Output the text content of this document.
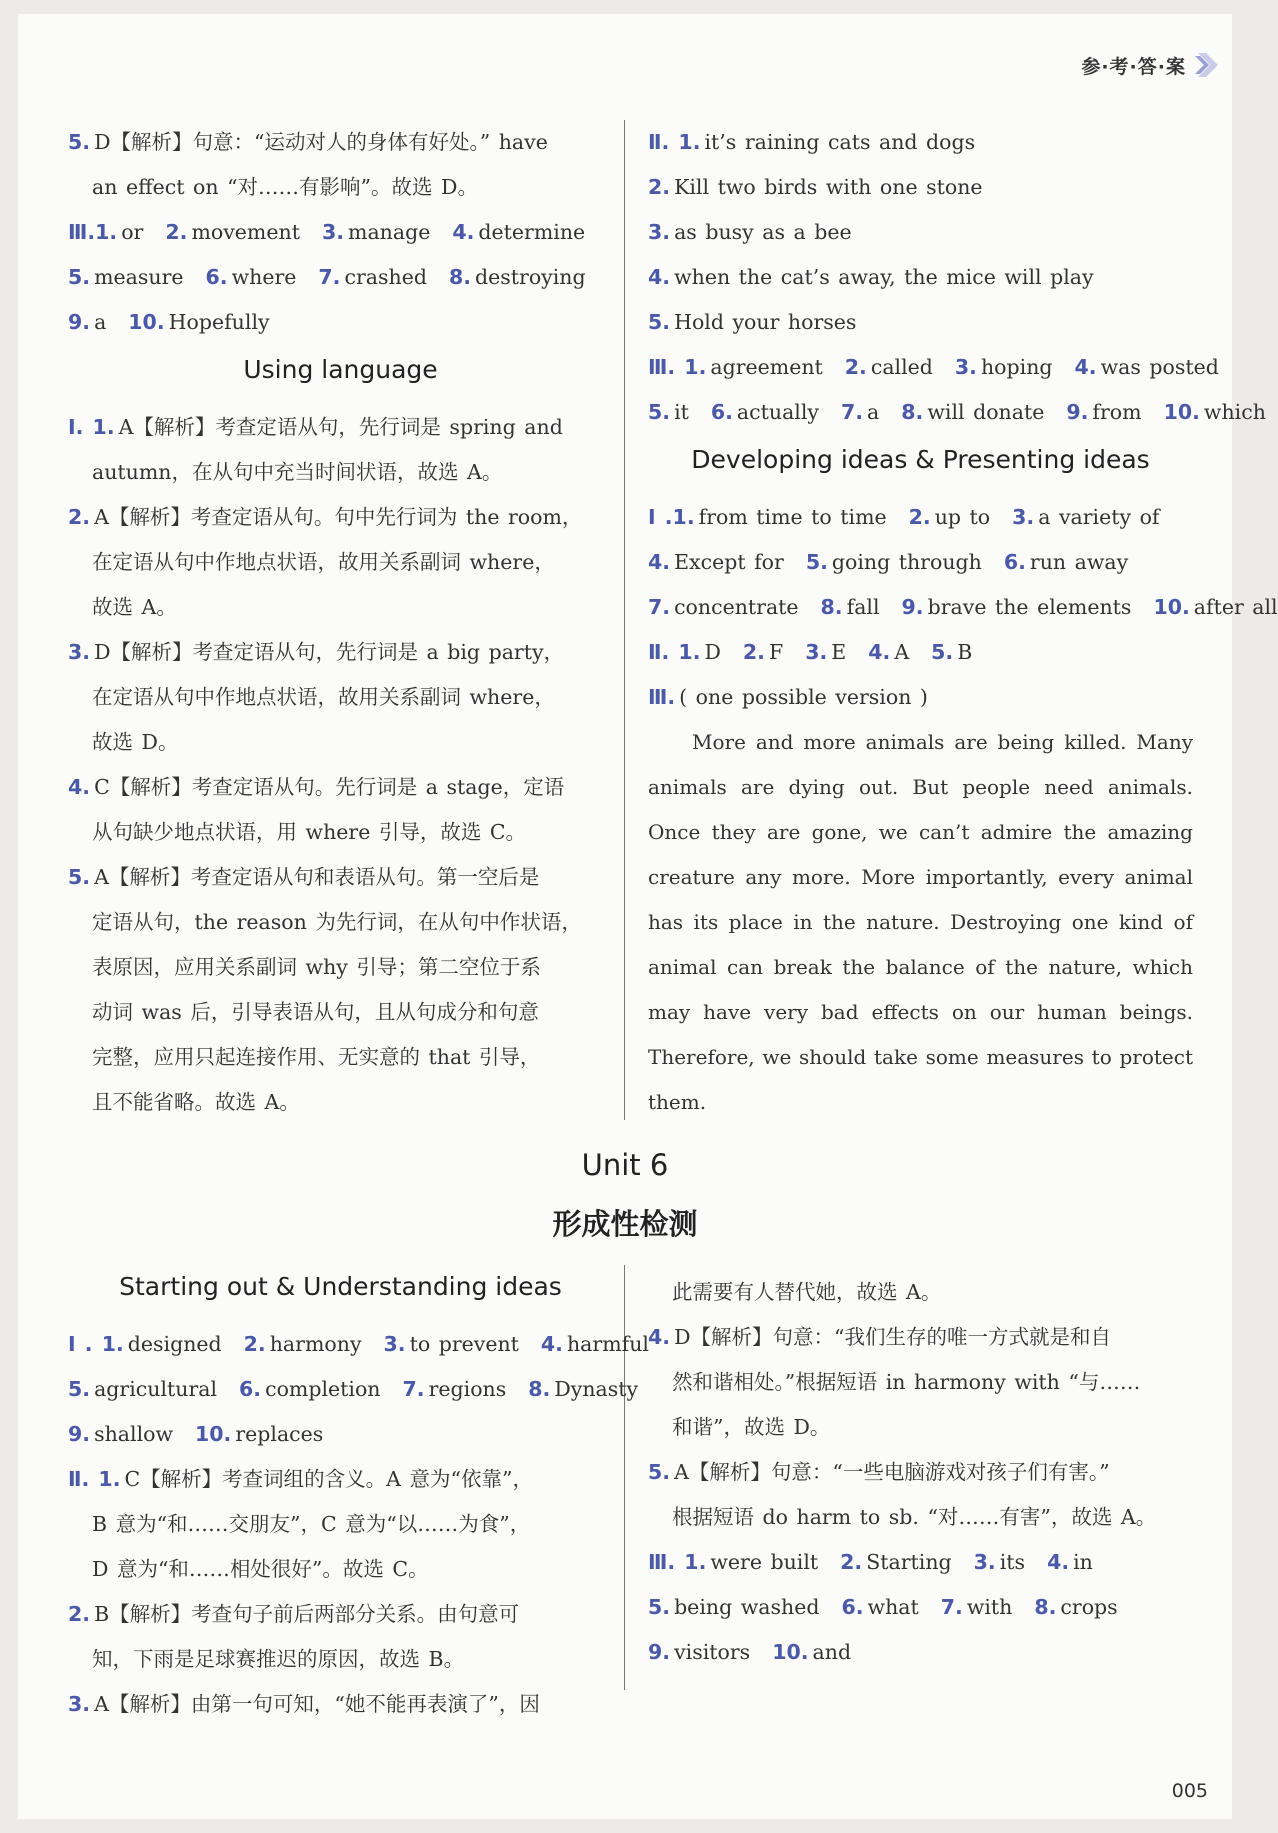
参·考·答·案
5. D【解析】句意：“运动对人的身体有好处。” have
an effect on “对……有影响”。故选 D。
Ⅲ.1. or 2. movement 3. manage 4. determine
5. measure 6. where 7. crashed 8. destroying
9. a 10. Hopefully
Using language
Ⅰ. 1. A【解析】考查定语从句，先行词是 spring and
autumn，在从句中充当时间状语，故选 A。
2. A【解析】考查定语从句。句中先行词为 the room，
在定语从句中作地点状语，故用关系副词 where，
故选 A。
3. D【解析】考查定语从句，先行词是 a big party，
在定语从句中作地点状语，故用关系副词 where，
故选 D。
4. C【解析】考查定语从句。先行词是 a stage，定语
从句缺少地点状语，用 where 引导，故选 C。
5. A【解析】考查定语从句和表语从句。第一空后是
定语从句，the reason 为先行词，在从句中作状语，
表原因，应用关系副词 why 引导；第二空位于系
动词 was 后，引导表语从句，且从句成分和句意
完整，应用只起连接作用、无实意的 that 引导，
且不能省略。故选 A。
Ⅱ. 1. it’s raining cats and dogs
2. Kill two birds with one stone
3. as busy as a bee
4. when the cat’s away, the mice will play
5. Hold your horses
Ⅲ. 1. agreement 2. called 3. hoping 4. was posted
5. it 6. actually 7. a 8. will donate 9. from 10. which
Developing ideas & Presenting ideas
Ⅰ .1. from time to time 2. up to 3. a variety of
4. Except for 5. going through 6. run away
7. concentrate 8. fall 9. brave the elements 10. after all
Ⅱ. 1. D 2. F 3. E 4. A 5. B
Ⅲ. ( one possible version )

More and more animals are being killed. Many animals are dying out. But people need animals. Once they are gone, we can’t admire the amazing creature any more. More importantly, every animal has its place in the nature. Destroying one kind of animal can break the balance of the nature, which may have very bad effects on our human beings. Therefore, we should take some measures to protect them.

Unit 6
形成性检测
Starting out & Understanding ideas
Ⅰ . 1. designed 2. harmony 3. to prevent 4. harmful
5. agricultural 6. completion 7. regions 8. Dynasty
9. shallow 10. replaces
Ⅱ. 1. C【解析】考查词组的含义。A 意为“依靠”，
B 意为“和……交朋友”，C 意为“以……为食”，
D 意为“和……相处很好”。故选 C。
2. B【解析】考查句子前后两部分关系。由句意可
知，下雨是足球赛推迟的原因，故选 B。
3. A【解析】由第一句可知，“她不能再表演了”，因
此需要有人替代她，故选 A。
4. D【解析】句意：“我们生存的唯一方式就是和自
然和谐相处。”根据短语 in harmony with “与……
和谐”，故选 D。
5. A【解析】句意：“一些电脑游戏对孩子们有害。”
根据短语 do harm to sb. “对……有害”，故选 A。
Ⅲ. 1. were built 2. Starting 3. its 4. in
5. being washed 6. what 7. with 8. crops
9. visitors 10. and
005
